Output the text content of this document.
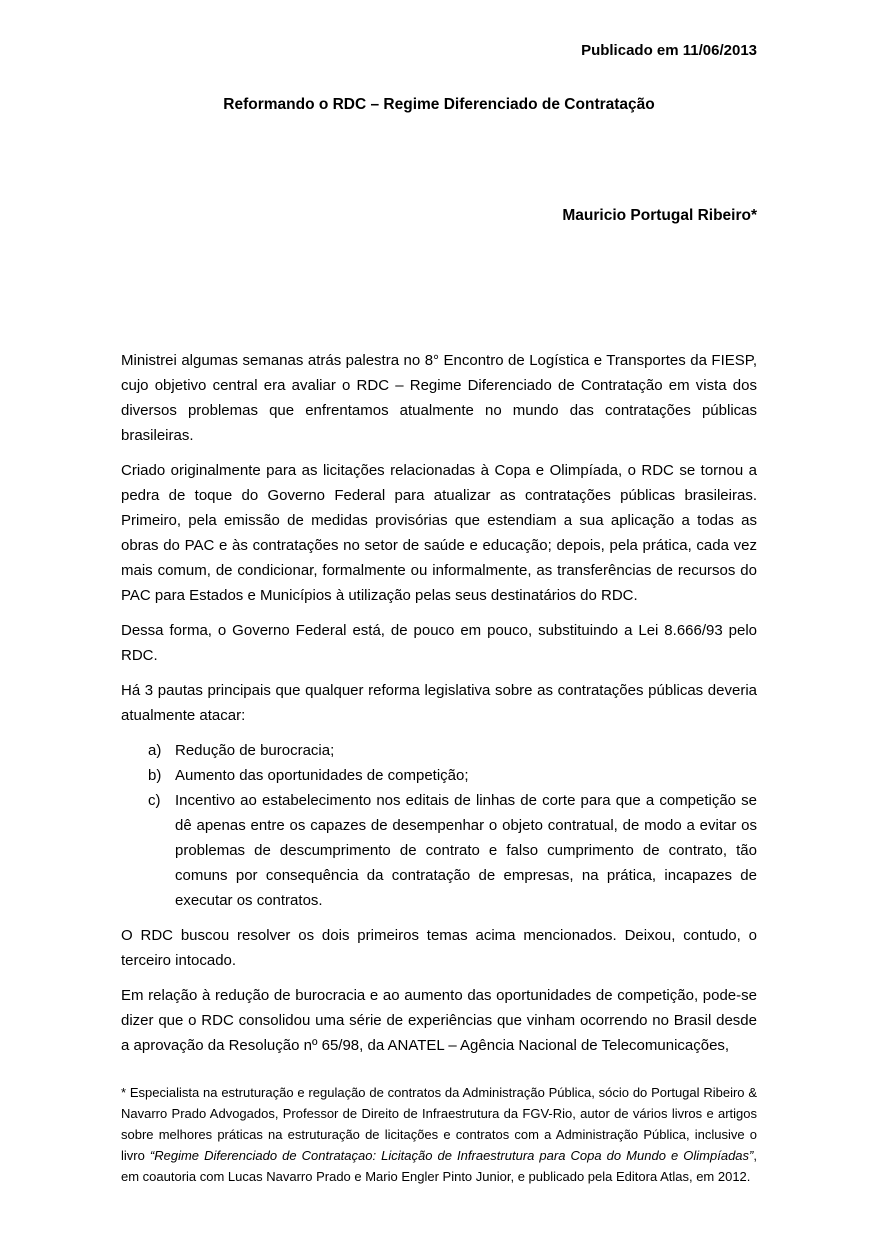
Publicado em 11/06/2013
Reformando o RDC – Regime Diferenciado de Contratação
Mauricio Portugal Ribeiro*

Ministrei algumas semanas atrás palestra no 8° Encontro de Logística e Transportes da FIESP, cujo objetivo central era avaliar o RDC – Regime Diferenciado de Contratação em vista dos diversos problemas que enfrentamos atualmente no mundo das contratações públicas brasileiras.

Criado originalmente para as licitações relacionadas à Copa e Olimpíada, o RDC se tornou a pedra de toque do Governo Federal para atualizar as contratações públicas brasileiras. Primeiro, pela emissão de medidas provisórias que estendiam a sua aplicação a todas as obras do PAC e às contratações no setor de saúde e educação; depois, pela prática, cada vez mais comum, de condicionar, formalmente ou informalmente, as transferências de recursos do PAC para Estados e Municípios à utilização pelas seus destinatários do RDC.

Dessa forma, o Governo Federal está, de pouco em pouco, substituindo a Lei 8.666/93 pelo RDC.

Há 3 pautas principais que qualquer reforma legislativa sobre as contratações públicas deveria atualmente atacar:

a) Redução de burocracia;
b) Aumento das oportunidades de competição;
c) Incentivo ao estabelecimento nos editais de linhas de corte para que a competição se dê apenas entre os capazes de desempenhar o objeto contratual, de modo a evitar os problemas de descumprimento de contrato e falso cumprimento de contrato, tão comuns por consequência da contratação de empresas, na prática, incapazes de executar os contratos.

O RDC buscou resolver os dois primeiros temas acima mencionados. Deixou, contudo, o terceiro intocado.

Em relação à redução de burocracia e ao aumento das oportunidades de competição, pode-se dizer que o RDC consolidou uma série de experiências que vinham ocorrendo no Brasil desde a aprovação da Resolução nº 65/98, da ANATEL – Agência Nacional de Telecomunicações,

* Especialista na estruturação e regulação de contratos da Administração Pública, sócio do Portugal Ribeiro & Navarro Prado Advogados, Professor de Direito de Infraestrutura da FGV-Rio, autor de vários livros e artigos sobre melhores práticas na estruturação de licitações e contratos com a Administração Pública, inclusive o livro “Regime Diferenciado de Contrataçao: Licitação de Infraestrutura para Copa do Mundo e Olimpíadas”, em coautoria com Lucas Navarro Prado e Mario Engler Pinto Junior, e publicado pela Editora Atlas, em 2012.
